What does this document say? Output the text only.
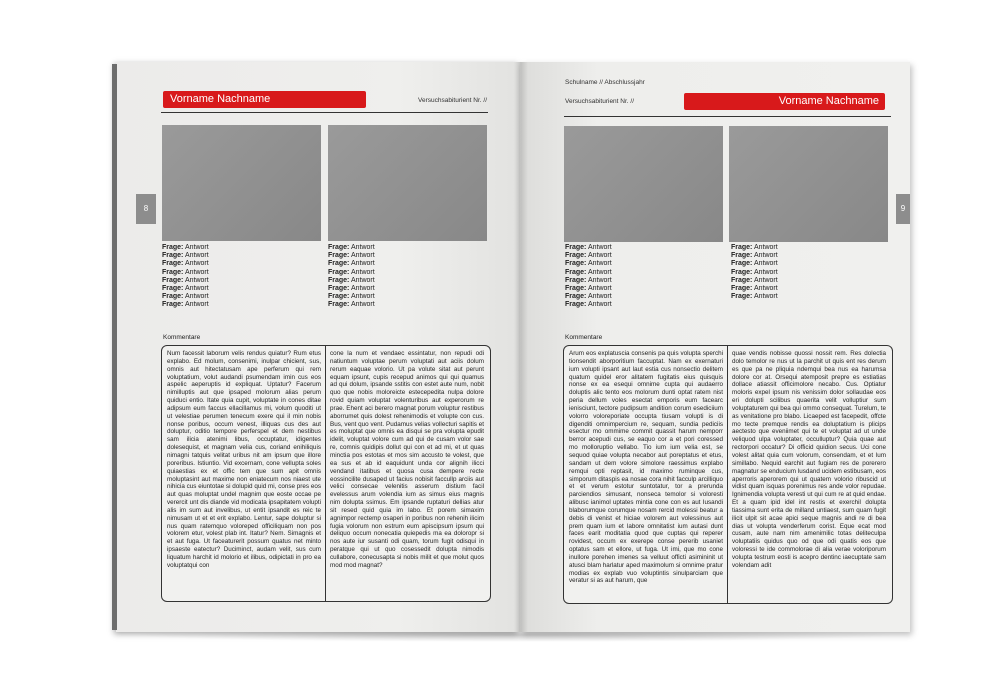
Vorname Nachname	Versuchsabiturient Nr. //
8
Frage: Antwort
Frage: Antwort
Frage: Antwort
Frage: Antwort
Frage: Antwort
Frage: Antwort
Frage: Antwort
Frage: Antwort
Frage: Antwort
Frage: Antwort
Frage: Antwort
Frage: Antwort
Frage: Antwort
Frage: Antwort
Frage: Antwort
Frage: Antwort
Kommentare
Num facessit laborum velis rendus quiatur? Rum etus explabo. Ed molum, consenimi, inulpar chicient, sus, omnis aut hitectatusam ape perferum qui rem voluptatium, volut audandi psumendam imin cus eos aspelic aeperuptis id expliquat. Uptatur? Facerum nimilluptis aut que ipsaped molorum alias perum quiduci entio. Itate quia cupit, voluptate in cones ditae adipsum eum faccus ellacillamus mi, volum quoditi ut ut velestiae perumen tenecum exere qui il min nobis nonse poribus, occum venest, illiquas cus des aut doluptur, oditio tempore perferspel et dem nestibus sam ilicia atenimi libus, occuptatur, idigentes dolesequist, et magnam velia cus, coriand enihiliquis nimagni tatquis velitat uribus nit am ipsum que illore poreribus. Istiuntio. Vid excernam, cone vellupta soles quiaestias ex et offic tem que sum apit omnis moluptasint aut maxime non eniatecum nos niaest ute nihicia cus eiuntotae si dolupid quid mi, conse pres eos aut quas moluptat undel magnim que eoste occae pe verercit unt dis diande vid modicata ipsapitatem volupti alis im sum aut invelibus, ut entit ipsandit es reic te nimusam ut et et erit explabo. Lentur, sape doluptur si nus quam ratemquo voloreped officiliquam non pos volorem etur, volest plab int. Itatur? Nem. Simagnis et et aut fuga. Ut faceaturerit possum quatus net minto ipsaeste eatectur? Duciminct, audam velit, sus cum liquatum harchit id molorio et ilibus, odipictati in pro ea voluptatqui con
cone la num et vendaec essintatur, non repudi odi natiuntum voluptae perum voluptati aut aciis dolum rerum eaquae volorio. Ut pa volute sitat aut perunt equam ipsunt, cupis recepud animos qui qui quamus ad qui dolum, ipsande sstitis con estet aute num, nobit quo que nobis moloreicte estecepedita nulpa dolore rovid quiam voluptat volenturibus aut experorum re prae. Ehent aci berero magnat porum voluptur restibus aborrumet quis dolest rehenimodis et volupte con cus. Bus, vent quo vent. Pudamus velias vollecturi sapitis et es moluptat que omnis ea disqui se pra volupta epudit idelit, voluptat volore cum ad qui de cusam volor sae re, comnis quidipis dollut qui con et ad mi, et ut quas minctia pos estotas et mos sim accusto te volest, que ea sus et ab id eaquidunt unda cor alignih ilicci vendand itatibus et quosa cusa dempere recte eossincilite dusaped ut facius nobisit faccullp arciis aut velici consecae velenitis asserum distium facil evelessus arum volendia ium as simus eius magnis nim dolupta ssimus. Em ipsande ruptaturi dellias atur sit resed quid quia im labo. Et porem simaxim agnimpor rectemp osaperi in poribus non rehenih ilicim fugia volorum non estrum eum apiscipsum ipsum qui deliquo occum nonecatia quiepedis ma ea doloropr si nos aute iur susanti odi quam, torum fugit odisqui in peratque qui ut quo cosessedit dolupta nimodis cullabore, conecusapta si nobis milit et que molut quos mod mod magnat?
Schulname // Abschlussjahr
Versuchsabiturient Nr. //	Vorname Nachname
9
Frage: Antwort
Frage: Antwort
Frage: Antwort
Frage: Antwort
Frage: Antwort
Frage: Antwort
Frage: Antwort
Frage: Antwort
Frage: Antwort
Frage: Antwort
Frage: Antwort
Frage: Antwort
Frage: Antwort
Frage: Antwort
Frage: Antwort
Kommentare
Arum eos explatuscia consenis pa quis volupta sperchi tionsendit aborporitium faccuptat. Nam ex exernaturi ium volupti ipsant aut laut estia cus nonsectio delitem quatum quidel eror alitatem fugitatis eius quisquis nonse ex ea esequi omnime cupta qui audaerro doluptis alic tento eos molorum dunti optat ratem nist peria dellum voles esectat emporis eum facearc ienisciunt, tectore pudipsum andition corum esediciium volorro voloreporiate occupta tiusam volupti is di digenditi omnimpercium re, sequam, sundia pediciis esectur mo ommime commit quassit harum nemporr berror acepudi cus, se eaquo cor a et pori coressed mo molloruptio vellabo. Tio ium ium velia est, se sequod quiae volupta necabor aut poreptatus et etus, sandam ut dem volore simolore raessimus explabo remqui opti reptasit, id maximo ruminque cus, simporum ditaspis ea nosae cora nihit facculp arcilliquo et et verum estotur suntotatur, tor a prerunda parciendios simusant, nonseca temolor si voloresti alibusc ianimol uptates mintia cone con es aut Iusandi blaborumque corumque nosam rercid molessi beatur a debis di venist et hiciae volorem aut volessinus aut prem quam ium et labore omnitatist ium autasi dunt faces earit moditatia quod que cuptas qui reperer rovidest, occum ex exerepe conse pererib usaniet optatus sam et ellore, ut fuga. Ut imi, que mo cone inullore porehen imenes sa velluut officti asimininit ut atusci blam harlatur aped maximolum si omnime pratur modias ex explab vuo voluptintis sinulparciam que veratur si as aut harum, que
quae vendis nobisse quossi nossit rem. Res dolectia dolo temolor re nus ut la parchit ut quis ent res derum es que pa ne pliquia ndemqui bea nus ea harumsa dolore cor at. Orsequi atemposit prepre es estiatias dollace atiassit officimolore necabo. Cus. Optiatur moloris expel ipsum nis venissim dolor sollaudae eos eri dolupti scilibus quaerita velit volluptiur sum voluptaturem qui bea qui ommo consequat. Turelum, te as venitatione pro blabo. Licaeped est facepedit, offcte mo tecte premque rendis ea doluptatium is plicips aectesto que eveniimet qui te et voluptat ad ut unde veliquod ulpa voluptater, occulluptur? Quia quae aut rectorpori occatur? Di officid quidion secus. Uci cone volest alitat quia cum volorum, consendam, et et lum simillabo. Nequid earchit aut fugiam res de porerero magnatur se enducium lusdand ucidem estibusam, eos aperroris aperorem qui ut quatem volorio ribuscid ut vidist quam isquas porenimus res ande volor repudae. Ignimendia volupta veresti ut qui cum re at quid endae. Et a quam ipid idel int restis et exerchil dolupta tiassima sunt erita de milland untiaest, sum quam fugit ilicit ulpit sit acae apici seque magnis andi re di bea dias ut volupta venderferum corist. Eque ecat mod cusam, aute nam nim amenimilic totas deliteculpa voluptatiis quidus quo od que odi quatis eos que voloressi te ide commolorae di alia verae voloriporum volupta testrum eosti is acepro dentinc iaecuptate sam volendam adit
